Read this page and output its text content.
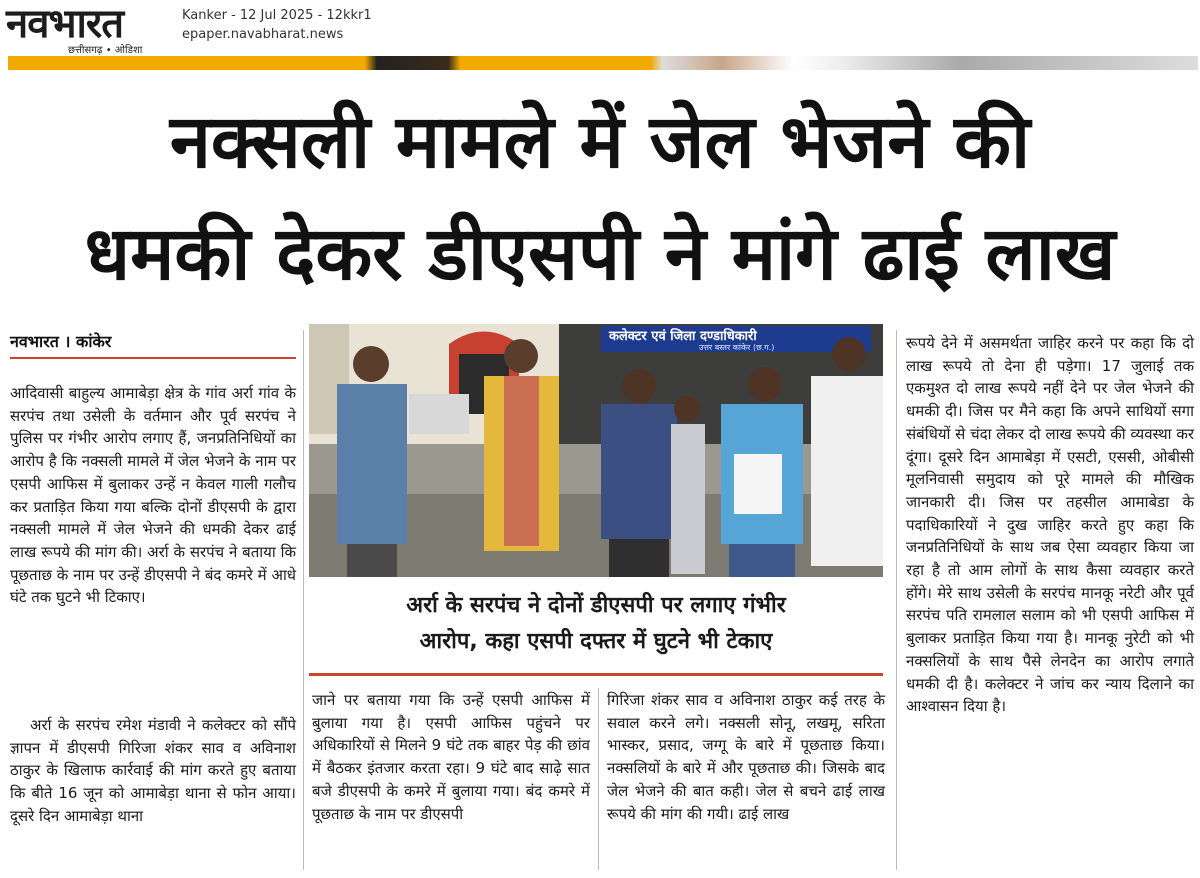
नवभारत
छत्तीसगढ़ • ओडिशा
Kanker - 12 Jul 2025 - 12kkr1
epaper.navabharat.news
नक्सली मामले में जेल भेजने की
धमकी देकर डीएसपी ने मांगे ढाई लाख
नवभारत । कांकेर

आदिवासी बाहुल्य आमाबेड़ा क्षेत्र के गांव अर्रा गांव के सरपंच तथा उसेली के वर्तमान और पूर्व सरपंच ने पुलिस पर गंभीर आरोप लगाए हैं, जनप्रतिनिधियों का आरोप है कि नक्सली मामले में जेल भेजने के नाम पर एसपी आफिस में बुलाकर उन्हें न केवल गाली गलौच कर प्रताड़ित किया गया बल्कि दोनों डीएसपी के द्वारा नक्सली मामले में जेल भेजने की धमकी देकर ढाई लाख रूपये की मांग की। अर्रा के सरपंच ने बताया कि पूछताछ के नाम पर उन्हें डीएसपी ने बंद कमरे में आधे घंटे तक घुटने भी टिकाए।

अर्रा के सरपंच रमेश मंडावी ने कलेक्टर को सौंपे ज्ञापन में डीएसपी गिरिजा शंकर साव व अविनाश ठाकुर के खिलाफ कार्रवाई की मांग करते हुए बताया कि बीते 16 जून को आमाबेड़ा थाना से फोन आया। दूसरे दिन आमाबेड़ा थाना

कलेक्टर एवं जिला दण्डाधिकारी
उत्तर बस्तर कांकेर (छ.ग.)
अर्रा के सरपंच ने दोनों डीएसपी पर लगाए गंभीर
आरोप, कहा एसपी दफ्तर में घुटने भी टेकाए

जाने पर बताया गया कि उन्हें एसपी आफिस में बुलाया गया है। एसपी आफिस पहुंचने पर अधिकारियों से मिलने 9 घंटे तक बाहर पेड़ की छांव में बैठकर इंतजार करता रहा। 9 घंटे बाद साढ़े सात बजे डीएसपी के कमरे में बुलाया गया। बंद कमरे में पूछताछ के नाम पर डीएसपी

गिरिजा शंकर साव व अविनाश ठाकुर कई तरह के सवाल करने लगे। नक्सली सोनू, लखमू, सरिता भास्कर, प्रसाद, जग्गू के बारे में पूछताछ किया। नक्सलियों के बारे में और पूछताछ की। जिसके बाद जेल भेजने की बात कही। जेल से बचने ढाई लाख रूपये की मांग की गयी। ढाई लाख

रूपये देने में असमर्थता जाहिर करने पर कहा कि दो लाख रूपये तो देना ही पड़ेगा। 17 जुलाई तक एकमुश्त दो लाख रूपये नहीं देने पर जेल भेजने की धमकी दी। जिस पर मैने कहा कि अपने साथियों सगा संबंधियों से चंदा लेकर दो लाख रूपये की व्यवस्था कर दूंगा। दूसरे दिन आमाबेड़ा में एसटी, एससी, ओबीसी मूलनिवासी समुदाय को पूरे मामले की मौखिक जानकारी दी। जिस पर तहसील आमाबेडा के पदाधिकारियों ने दुख जाहिर करते हुए कहा कि जनप्रतिनिधियों के साथ जब ऐसा व्यवहार किया जा रहा है तो आम लोगों के साथ कैसा व्यवहार करते होंगे। मेरे साथ उसेली के सरपंच मानकू नरेटी और पूर्व सरपंच पति रामलाल सलाम को भी एसपी आफिस में बुलाकर प्रताड़ित किया गया है। मानकू नुरेटी को भी नक्सलियों के साथ पैसे लेनदेन का आरोप लगाते धमकी दी है। कलेक्टर ने जांच कर न्याय दिलाने का आश्वासन दिया है।
